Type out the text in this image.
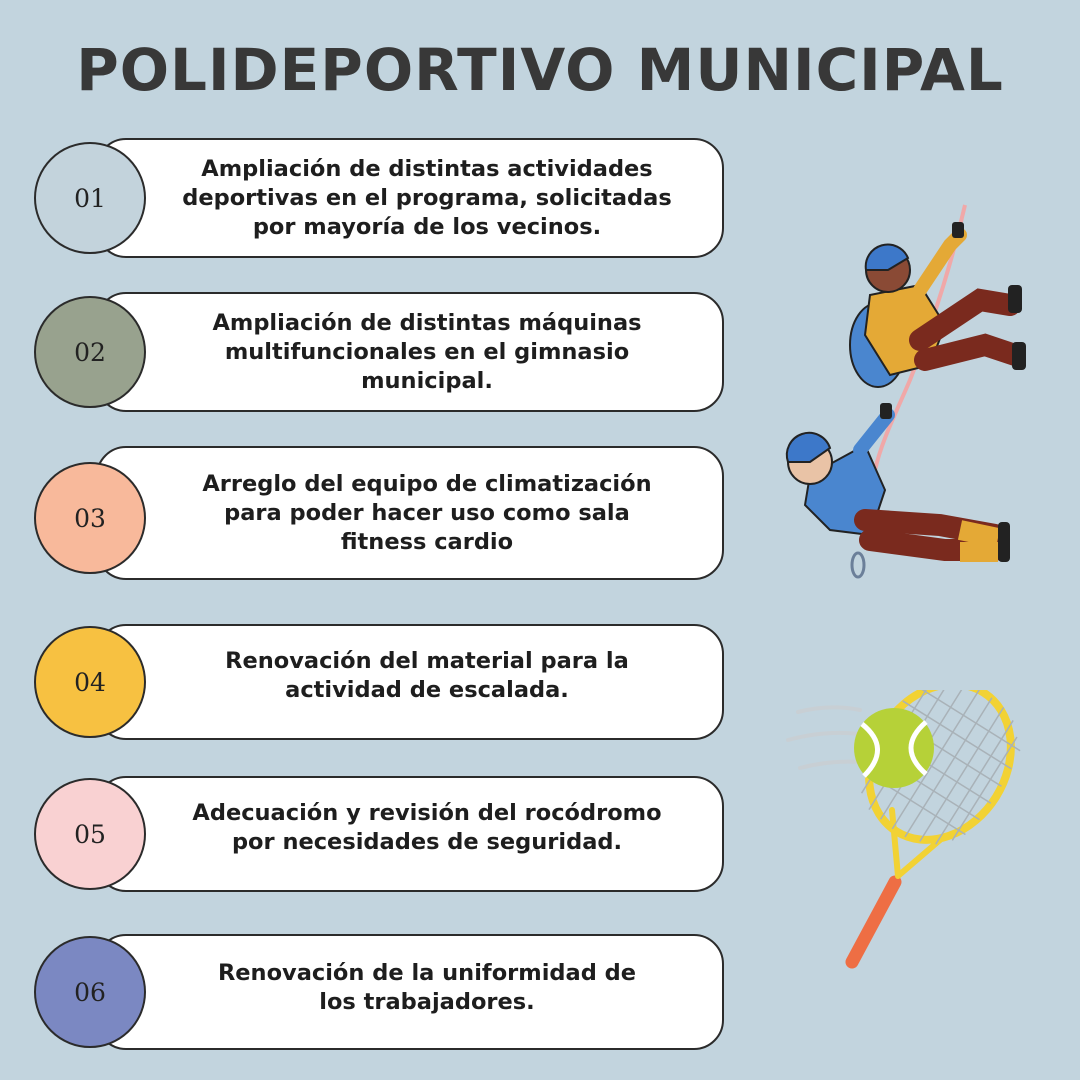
POLIDEPORTIVO MUNICIPAL
Ampliación de distintas actividades
deportivas en el programa, solicitadas
por mayoría de los vecinos.
01
Ampliación de distintas máquinas
multifuncionales en el gimnasio
municipal.
02
Arreglo del equipo de climatización
para poder hacer uso como sala
fitness cardio
03
Renovación del material para la
actividad de escalada.
04
Adecuación y revisión del rocódromo
por necesidades de seguridad.
05
Renovación de la uniformidad de
los trabajadores.
06
